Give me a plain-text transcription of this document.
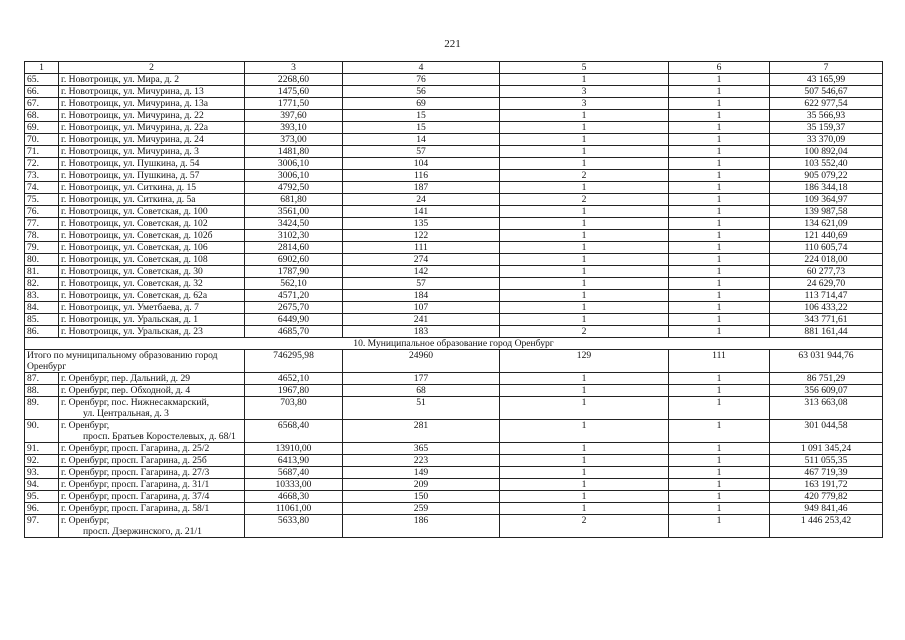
221
1	2	3	4	5	6	7
65.	г. Новотроицк, ул. Мира, д. 2	2268,60	76	1	1	43 165,99
66.	г. Новотроицк, ул. Мичурина, д. 13	1475,60	56	3	1	507 546,67
67.	г. Новотроицк, ул. Мичурина, д. 13а	1771,50	69	3	1	622 977,54
68.	г. Новотроицк, ул. Мичурина, д. 22	397,60	15	1	1	35 566,93
69.	г. Новотроицк, ул. Мичурина, д. 22а	393,10	15	1	1	35 159,37
70.	г. Новотроицк, ул. Мичурина, д. 24	373,00	14	1	1	33 370,09
71.	г. Новотроицк, ул. Мичурина, д. 3	1481,80	57	1	1	100 892,04
72.	г. Новотроицк, ул. Пушкина, д. 54	3006,10	104	1	1	103 552,40
73.	г. Новотроицк, ул. Пушкина, д. 57	3006,10	116	2	1	905 079,22
74.	г. Новотроицк, ул. Ситкина, д. 15	4792,50	187	1	1	186 344,18
75.	г. Новотроицк, ул. Ситкина, д. 5а	681,80	24	2	1	109 364,97
76.	г. Новотроицк, ул. Советская, д. 100	3561,00	141	1	1	139 987,58
77.	г. Новотроицк, ул. Советская, д. 102	3424,50	135	1	1	134 621,09
78.	г. Новотроицк, ул. Советская, д. 102б	3102,30	122	1	1	121 440,69
79.	г. Новотроицк, ул. Советская, д. 106	2814,60	111	1	1	110 605,74
80.	г. Новотроицк, ул. Советская, д. 108	6902,60	274	1	1	224 018,00
81.	г. Новотроицк, ул. Советская, д. 30	1787,90	142	1	1	60 277,73
82.	г. Новотроицк, ул. Советская, д. 32	562,10	57	1	1	24 629,70
83.	г. Новотроицк, ул. Советская, д. 62а	4571,20	184	1	1	113 714,47
84.	г. Новотроицк, ул. Уметбаева, д. 7	2675,70	107	1	1	106 433,22
85.	г. Новотроицк, ул. Уральская, д. 1	6449,90	241	1	1	343 771,61
86.	г. Новотроицк, ул. Уральская, д. 23	4685,70	183	2	1	881 161,44
10. Муниципальное образование город Оренбург						
Итого по муниципальному образованию город Оренбург		746295,98	24960	129	111	63 031 944,76
87.	г. Оренбург, пер. Дальний, д. 29	4652,10	177	1	1	86 751,29
88.	г. Оренбург, пер. Обходной, д. 4	1967,80	68	1	1	356 609,07
89.	г. Оренбург, пос. Нижнесакмарский,
ул. Центральная, д. 3	703,80	51	1	1	313 663,08
90.	г. Оренбург,
просп. Братьев Коростелевых, д. 68/1	6568,40	281	1	1	301 044,58
91.	г. Оренбург, просп. Гагарина, д. 25/2	13910,00	365	1	1	1 091 345,24
92.	г. Оренбург, просп. Гагарина, д. 25б	6413,90	223	1	1	511 055,35
93.	г. Оренбург, просп. Гагарина, д. 27/3	5687,40	149	1	1	467 719,39
94.	г. Оренбург, просп. Гагарина, д. 31/1	10333,00	209	1	1	163 191,72
95.	г. Оренбург, просп. Гагарина, д. 37/4	4668,30	150	1	1	420 779,82
96.	г. Оренбург, просп. Гагарина, д. 58/1	11061,00	259	1	1	949 841,46
97.	г. Оренбург,
просп. Дзержинского, д. 21/1	5633,80	186	2	1	1 446 253,42
